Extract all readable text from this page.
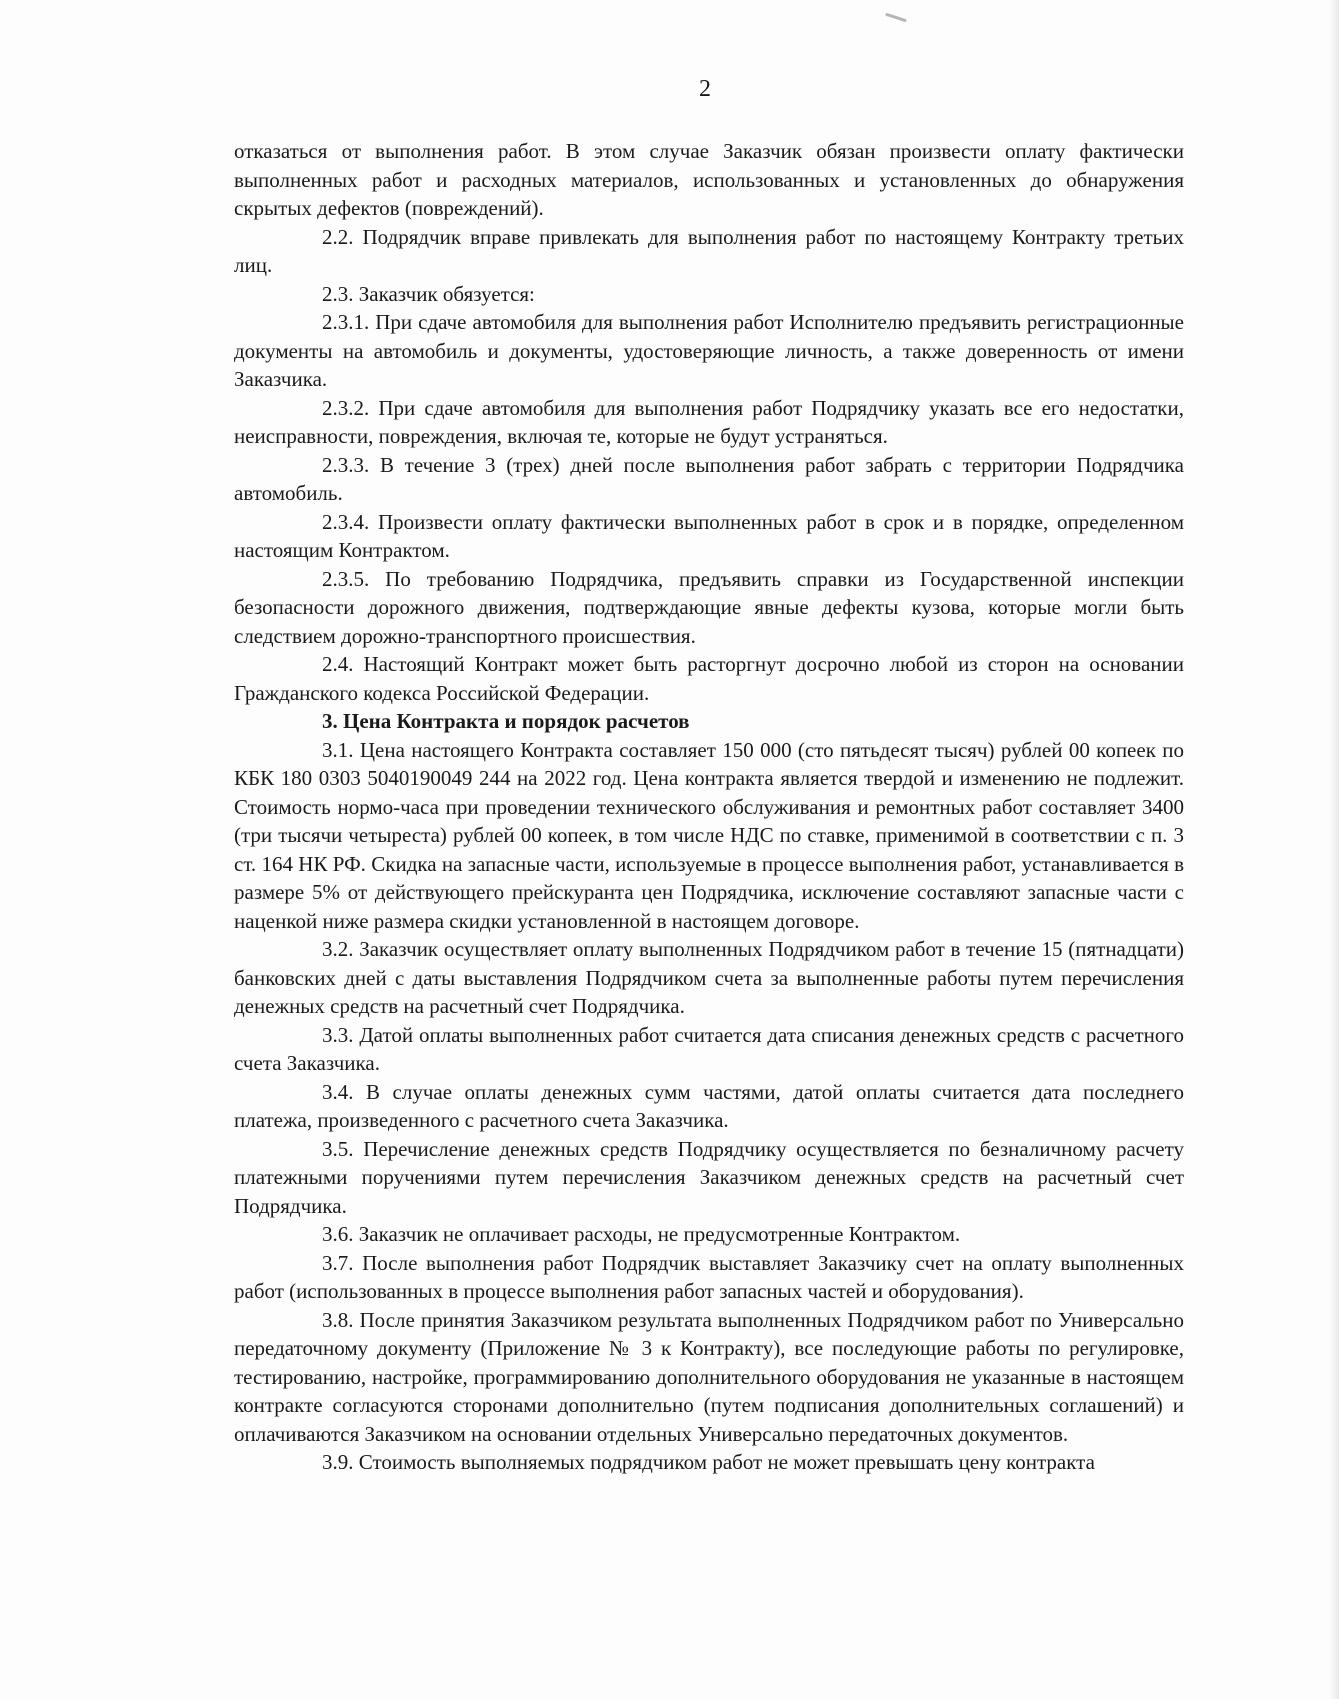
2

отказаться от выполнения работ. В этом случае Заказчик обязан произвести оплату фактически выполненных работ и расходных материалов, использованных и установленных до обнаружения скрытых дефектов (повреждений).

2.2. Подрядчик вправе привлекать для выполнения работ по настоящему Контракту третьих лиц.

2.3. Заказчик обязуется:

2.3.1. При сдаче автомобиля для выполнения работ Исполнителю предъявить регистрационные документы на автомобиль и документы, удостоверяющие личность, а также доверенность от имени Заказчика.

2.3.2. При сдаче автомобиля для выполнения работ Подрядчику указать все его недостатки, неисправности, повреждения, включая те, которые не будут устраняться.

2.3.3. В течение 3 (трех) дней после выполнения работ забрать с территории Подрядчика автомобиль.

2.3.4. Произвести оплату фактически выполненных работ в срок и в порядке, определенном настоящим Контрактом.

2.3.5. По требованию Подрядчика, предъявить справки из Государственной инспекции безопасности дорожного движения, подтверждающие явные дефекты кузова, которые могли быть следствием дорожно-транспортного происшествия.

2.4. Настоящий Контракт может быть расторгнут досрочно любой из сторон на основании Гражданского кодекса Российской Федерации.

3. Цена Контракта и порядок расчетов

3.1. Цена настоящего Контракта составляет 150 000 (сто пятьдесят тысяч) рублей 00 копеек по КБК 180 0303 5040190049 244 на 2022 год. Цена контракта является твердой и изменению не подлежит. Стоимость нормо-часа при проведении технического обслуживания и ремонтных работ составляет 3400 (три тысячи четыреста) рублей 00 копеек, в том числе НДС по ставке, применимой в соответствии с п. 3 ст. 164 НК РФ. Скидка на запасные части, используемые в процессе выполнения работ, устанавливается в размере 5% от действующего прейскуранта цен Подрядчика, исключение составляют запасные части с наценкой ниже размера скидки установленной в настоящем договоре.

3.2. Заказчик осуществляет оплату выполненных Подрядчиком работ в течение 15 (пятнадцати) банковских дней с даты выставления Подрядчиком счета за выполненные работы путем перечисления денежных средств на расчетный счет Подрядчика.

3.3. Датой оплаты выполненных работ считается дата списания денежных средств с расчетного счета Заказчика.

3.4. В случае оплаты денежных сумм частями, датой оплаты считается дата последнего платежа, произведенного с расчетного счета Заказчика.

3.5. Перечисление денежных средств Подрядчику осуществляется по безналичному расчету платежными поручениями путем перечисления Заказчиком денежных средств на расчетный счет Подрядчика.

3.6. Заказчик не оплачивает расходы, не предусмотренные Контрактом.

3.7. После выполнения работ Подрядчик выставляет Заказчику счет на оплату выполненных работ (использованных в процессе выполнения работ запасных частей и оборудования).

3.8. После принятия Заказчиком результата выполненных Подрядчиком работ по Универсально передаточному документу (Приложение № 3 к Контракту), все последующие работы по регулировке, тестированию, настройке, программированию дополнительного оборудования не указанные в настоящем контракте согласуются сторонами дополнительно (путем подписания дополнительных соглашений) и оплачиваются Заказчиком на основании отдельных Универсально передаточных документов.

3.9. Стоимость выполняемых подрядчиком работ не может превышать цену контракта
